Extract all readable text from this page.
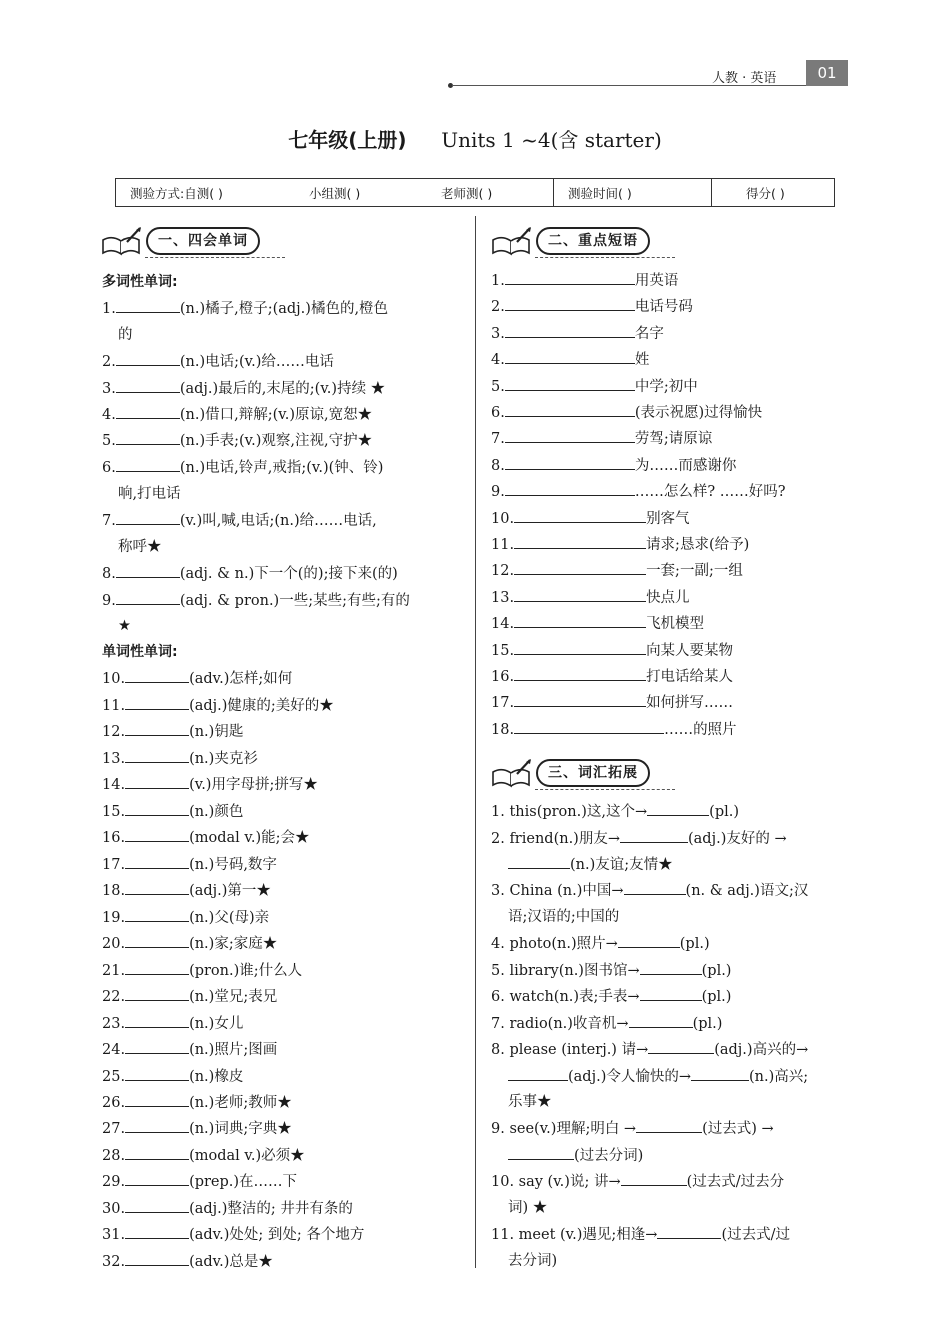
人教 · 英语	01
七年级(上册) Units 1 ~4(含 starter)
测验方式:自测( )	小组测( )	老师测( )	测验时间( )	得分( )
一、四会单词
多词性单词:
单词性单词:
1.	(n.)橘子,橙子;(adj.)橘色的,橙色
的
2.	(n.)电话;(v.)给……电话
3.	(adj.)最后的,末尾的;(v.)持续 ★
4.	(n.)借口,辩解;(v.)原谅,宽恕★
5.	(n.)手表;(v.)观察,注视,守护★
6.	(n.)电话,铃声,戒指;(v.)(钟、铃)
响,打电话
7.	(v.)叫,喊,电话;(n.)给……电话,
称呼★
8.	(adj. & n.)下一个(的);接下来(的)
9.	(adj. & pron.)一些;某些;有些;有的
★
10.	(adv.)怎样;如何
11.	(adj.)健康的;美好的★
12.	(n.)钥匙
13.	(n.)夹克衫
14.	(v.)用字母拼;拼写★
15.	(n.)颜色
16.	(modal v.)能;会★
17.	(n.)号码,数字
18.	(adj.)第一★
19.	(n.)父(母)亲
20.	(n.)家;家庭★
21.	(pron.)谁;什么人
22.	(n.)堂兄;表兄
23.	(n.)女儿
24.	(n.)照片;图画
25.	(n.)橡皮
26.	(n.)老师;教师★
27.	(n.)词典;字典★
28.	(modal v.)必须★
29.	(prep.)在……下
30.	(adj.)整洁的; 井井有条的
31.	(adv.)处处; 到处; 各个地方
32.	(adv.)总是★
二、重点短语
1.	用英语
2.	电话号码
3.	名字
4.	姓
5.	中学;初中
6.	(表示祝愿)过得愉快
7.	劳驾;请原谅
8.	为……而感谢你
9.	……怎么样? ……好吗?
10.	别客气
11.	请求;恳求(给予)
12.	一套;一副;一组
13.	快点儿
14.	飞机模型
15.	向某人要某物
16.	打电话给某人
17.	如何拼写……
18.	……的照片
三、词汇拓展
1. this(pron.)这,这个→	(pl.)
2. friend(n.)朋友→	(adj.)友好的 →
(n.)友谊;友情★
3. China (n.)中国→	(n. & adj.)语文;汉
语;汉语的;中国的
4. photo(n.)照片→	(pl.)
5. library(n.)图书馆→	(pl.)
6. watch(n.)表;手表→	(pl.)
7. radio(n.)收音机→	(pl.)
8. please (interj.) 请→	(adj.)高兴的→
(adj.)令人愉快的→	(n.)高兴;
乐事★
9. see(v.)理解;明白 →	(过去式) →
(过去分词)
10. say (v.)说; 讲→	(过去式/过去分
词) ★
11. meet (v.)遇见;相逢→	(过去式/过
去分词)
